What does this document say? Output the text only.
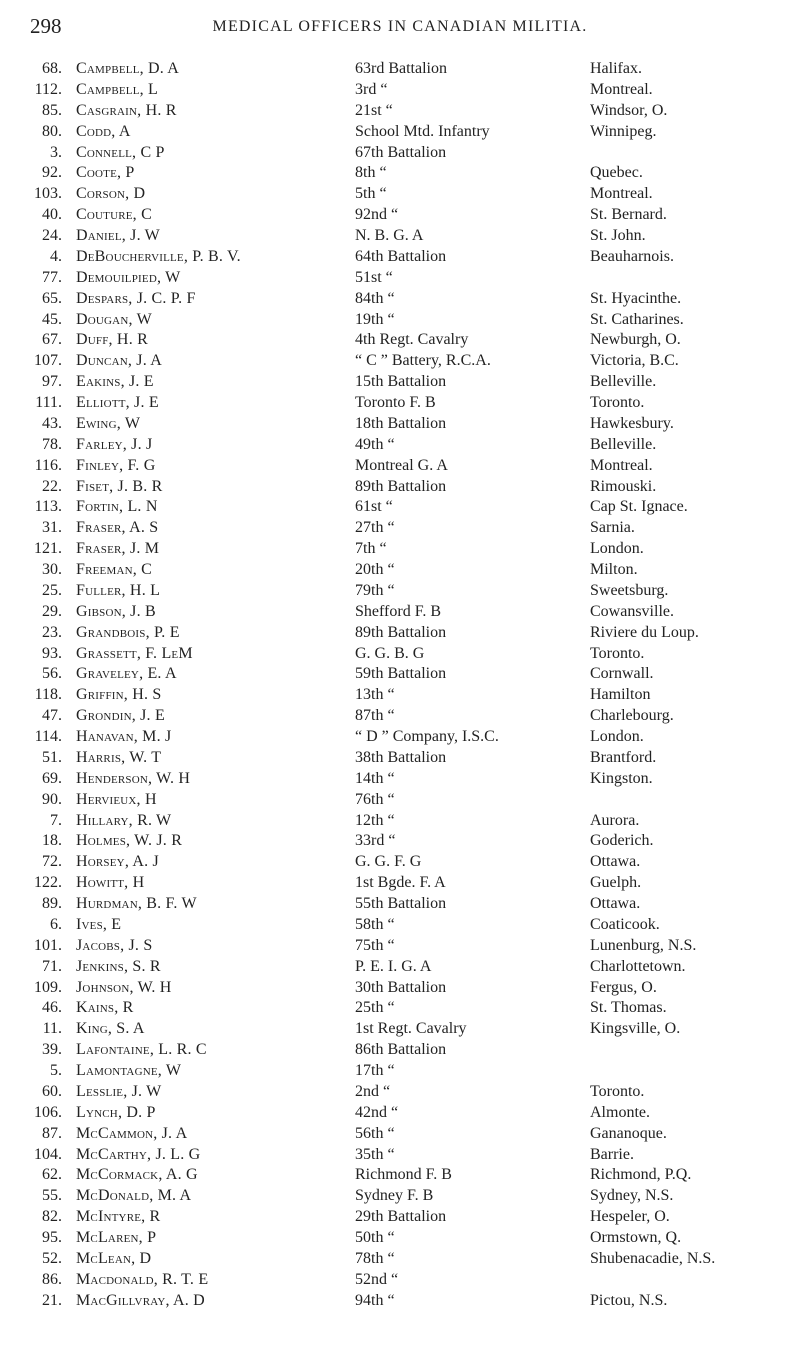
298	MEDICAL OFFICERS IN CANADIAN MILITIA.
68. Campbell, D. A	63rd Battalion	Halifax.
112. Campbell, L	3rd “	Montreal.
85. Casgrain, H. R	21st “	Windsor, O.
80. Codd, A	School Mtd. Infantry	Winnipeg.
3. Connell, C P	67th Battalion
92. Coote, P	8th “	Quebec.
103. Corson, D	5th “	Montreal.
40. Couture, C	92nd “	St. Bernard.
24. Daniel, J. W	N. B. G. A	St. John.
4. DeBoucherville, P. B. V.	64th Battalion	Beauharnois.
77. Demouilpied, W	51st “
65. Despars, J. C. P. F	84th “	St. Hyacinthe.
45. Dougan, W	19th “	St. Catharines.
67. Duff, H. R	4th Regt. Cavalry	Newburgh, O.
107. Duncan, J. A	“ C ” Battery, R.C.A.	Victoria, B.C.
97. Eakins, J. E	15th Battalion	Belleville.
111. Elliott, J. E	Toronto F. B	Toronto.
43. Ewing, W	18th Battalion	Hawkesbury.
78. Farley, J. J	49th “	Belleville.
116. Finley, F. G	Montreal G. A	Montreal.
22. Fiset, J. B. R	89th Battalion	Rimouski.
113. Fortin, L. N	61st “	Cap St. Ignace.
31. Fraser, A. S	27th “	Sarnia.
121. Fraser, J. M	7th “	London.
30. Freeman, C	20th “	Milton.
25. Fuller, H. L	79th “	Sweetsburg.
29. Gibson, J. B	Shefford F. B	Cowansville.
23. Grandbois, P. E	89th Battalion	Riviere du Loup.
93. Grassett, F. LeM	G. G. B. G	Toronto.
56. Graveley, E. A	59th Battalion	Cornwall.
118. Griffin, H. S	13th “	Hamilton
47. Grondin, J. E	87th “	Charlebourg.
114. Hanavan, M. J	“ D ” Company, I.S.C.	London.
51. Harris, W. T	38th Battalion	Brantford.
69. Henderson, W. H	14th “	Kingston.
90. Hervieux, H	76th “
7. Hillary, R. W	12th “	Aurora.
18. Holmes, W. J. R	33rd “	Goderich.
72. Horsey, A. J	G. G. F. G	Ottawa.
122. Howitt, H	1st Bgde. F. A	Guelph.
89. Hurdman, B. F. W	55th Battalion	Ottawa.
6. Ives, E	58th “	Coaticook.
101. Jacobs, J. S	75th “	Lunenburg, N.S.
71. Jenkins, S. R	P. E. I. G. A	Charlottetown.
109. Johnson, W. H	30th Battalion	Fergus, O.
46. Kains, R	25th “	St. Thomas.
11. King, S. A	1st Regt. Cavalry	Kingsville, O.
39. Lafontaine, L. R. C	86th Battalion
5. Lamontagne, W	17th “
60. Lesslie, J. W	2nd “	Toronto.
106. Lynch, D. P	42nd “	Almonte.
87. McCammon, J. A	56th “	Gananoque.
104. McCarthy, J. L. G	35th “	Barrie.
62. McCormack, A. G	Richmond F. B	Richmond, P.Q.
55. McDonald, M. A	Sydney F. B	Sydney, N.S.
82. McIntyre, R	29th Battalion	Hespeler, O.
95. McLaren, P	50th “	Ormstown, Q.
52. McLean, D	78th “	Shubenacadie, N.S.
86. Macdonald, R. T. E	52nd “
21. MacGillvray, A. D	94th “	Pictou, N.S.
